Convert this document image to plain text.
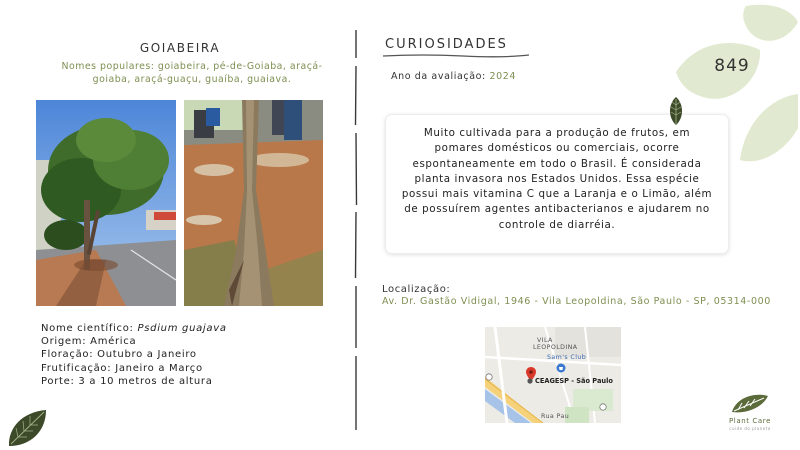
GOIABEIRA
Nomes populares: goiabeira, pé-de-Goiaba, araçá-goiaba, araçá-guaçu, guaíba, guaiava.
Nome científico: Psdium guajava
Origem: América
Floração: Outubro a Janeiro
Frutificação: Janeiro a Março
Porte: 3 a 10 metros de altura
CURIOSIDADES
Ano da avaliação: 2024
Muito cultivada para a produção de frutos, em pomares domésticos ou comerciais, ocorre espontaneamente em todo o Brasil. É considerada planta invasora nos Estados Unidos. Essa espécie possui mais vitamina C que a Laranja e o Limão, além de possuírem agentes antibacterianos e ajudarem no controle de diarréia.
Localização:
Av. Dr. Gastão Vidigal, 1946 - Vila Leopoldina, São Paulo - SP, 05314-000
VILA
LEOPOLDINA
Sam's Club
CEAGESP - São Paulo
Rua Pau
849
Plant Care
cuide do planeta
